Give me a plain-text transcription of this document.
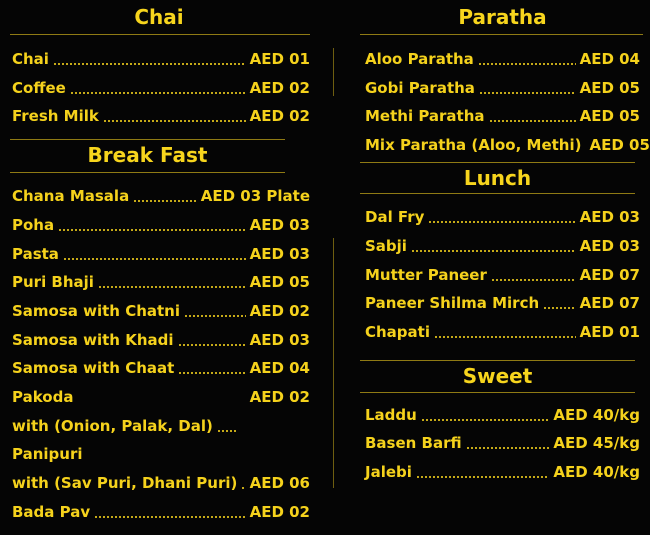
Chai
Chai	AED 01
Coffee	AED 02
Fresh Milk	AED 02
Break Fast
Chana Masala	AED 03 Plate
Poha	AED 03
Pasta	AED 03
Puri Bhaji	AED 05
Samosa with Chatni	AED 02
Samosa with Khadi	AED 03
Samosa with Chaat	AED 04
Pakoda	AED 02
with (Onion, Palak, Dal)
Panipuri
with (Sav Puri, Dhani Puri) AED 06
Bada Pav	AED 02
Paratha
Aloo Paratha	AED 04
Gobi Paratha	AED 05
Methi Paratha	AED 05
Mix Paratha (Aloo, Methi) AED 05
Lunch
Dal Fry	AED 03
Sabji	AED 03
Mutter Paneer	AED 07
Paneer Shilma Mirch	AED 07
Chapati	AED 01
Sweet
Laddu	AED 40/kg
Basen Barfi	AED 45/kg
Jalebi	AED 40/kg
